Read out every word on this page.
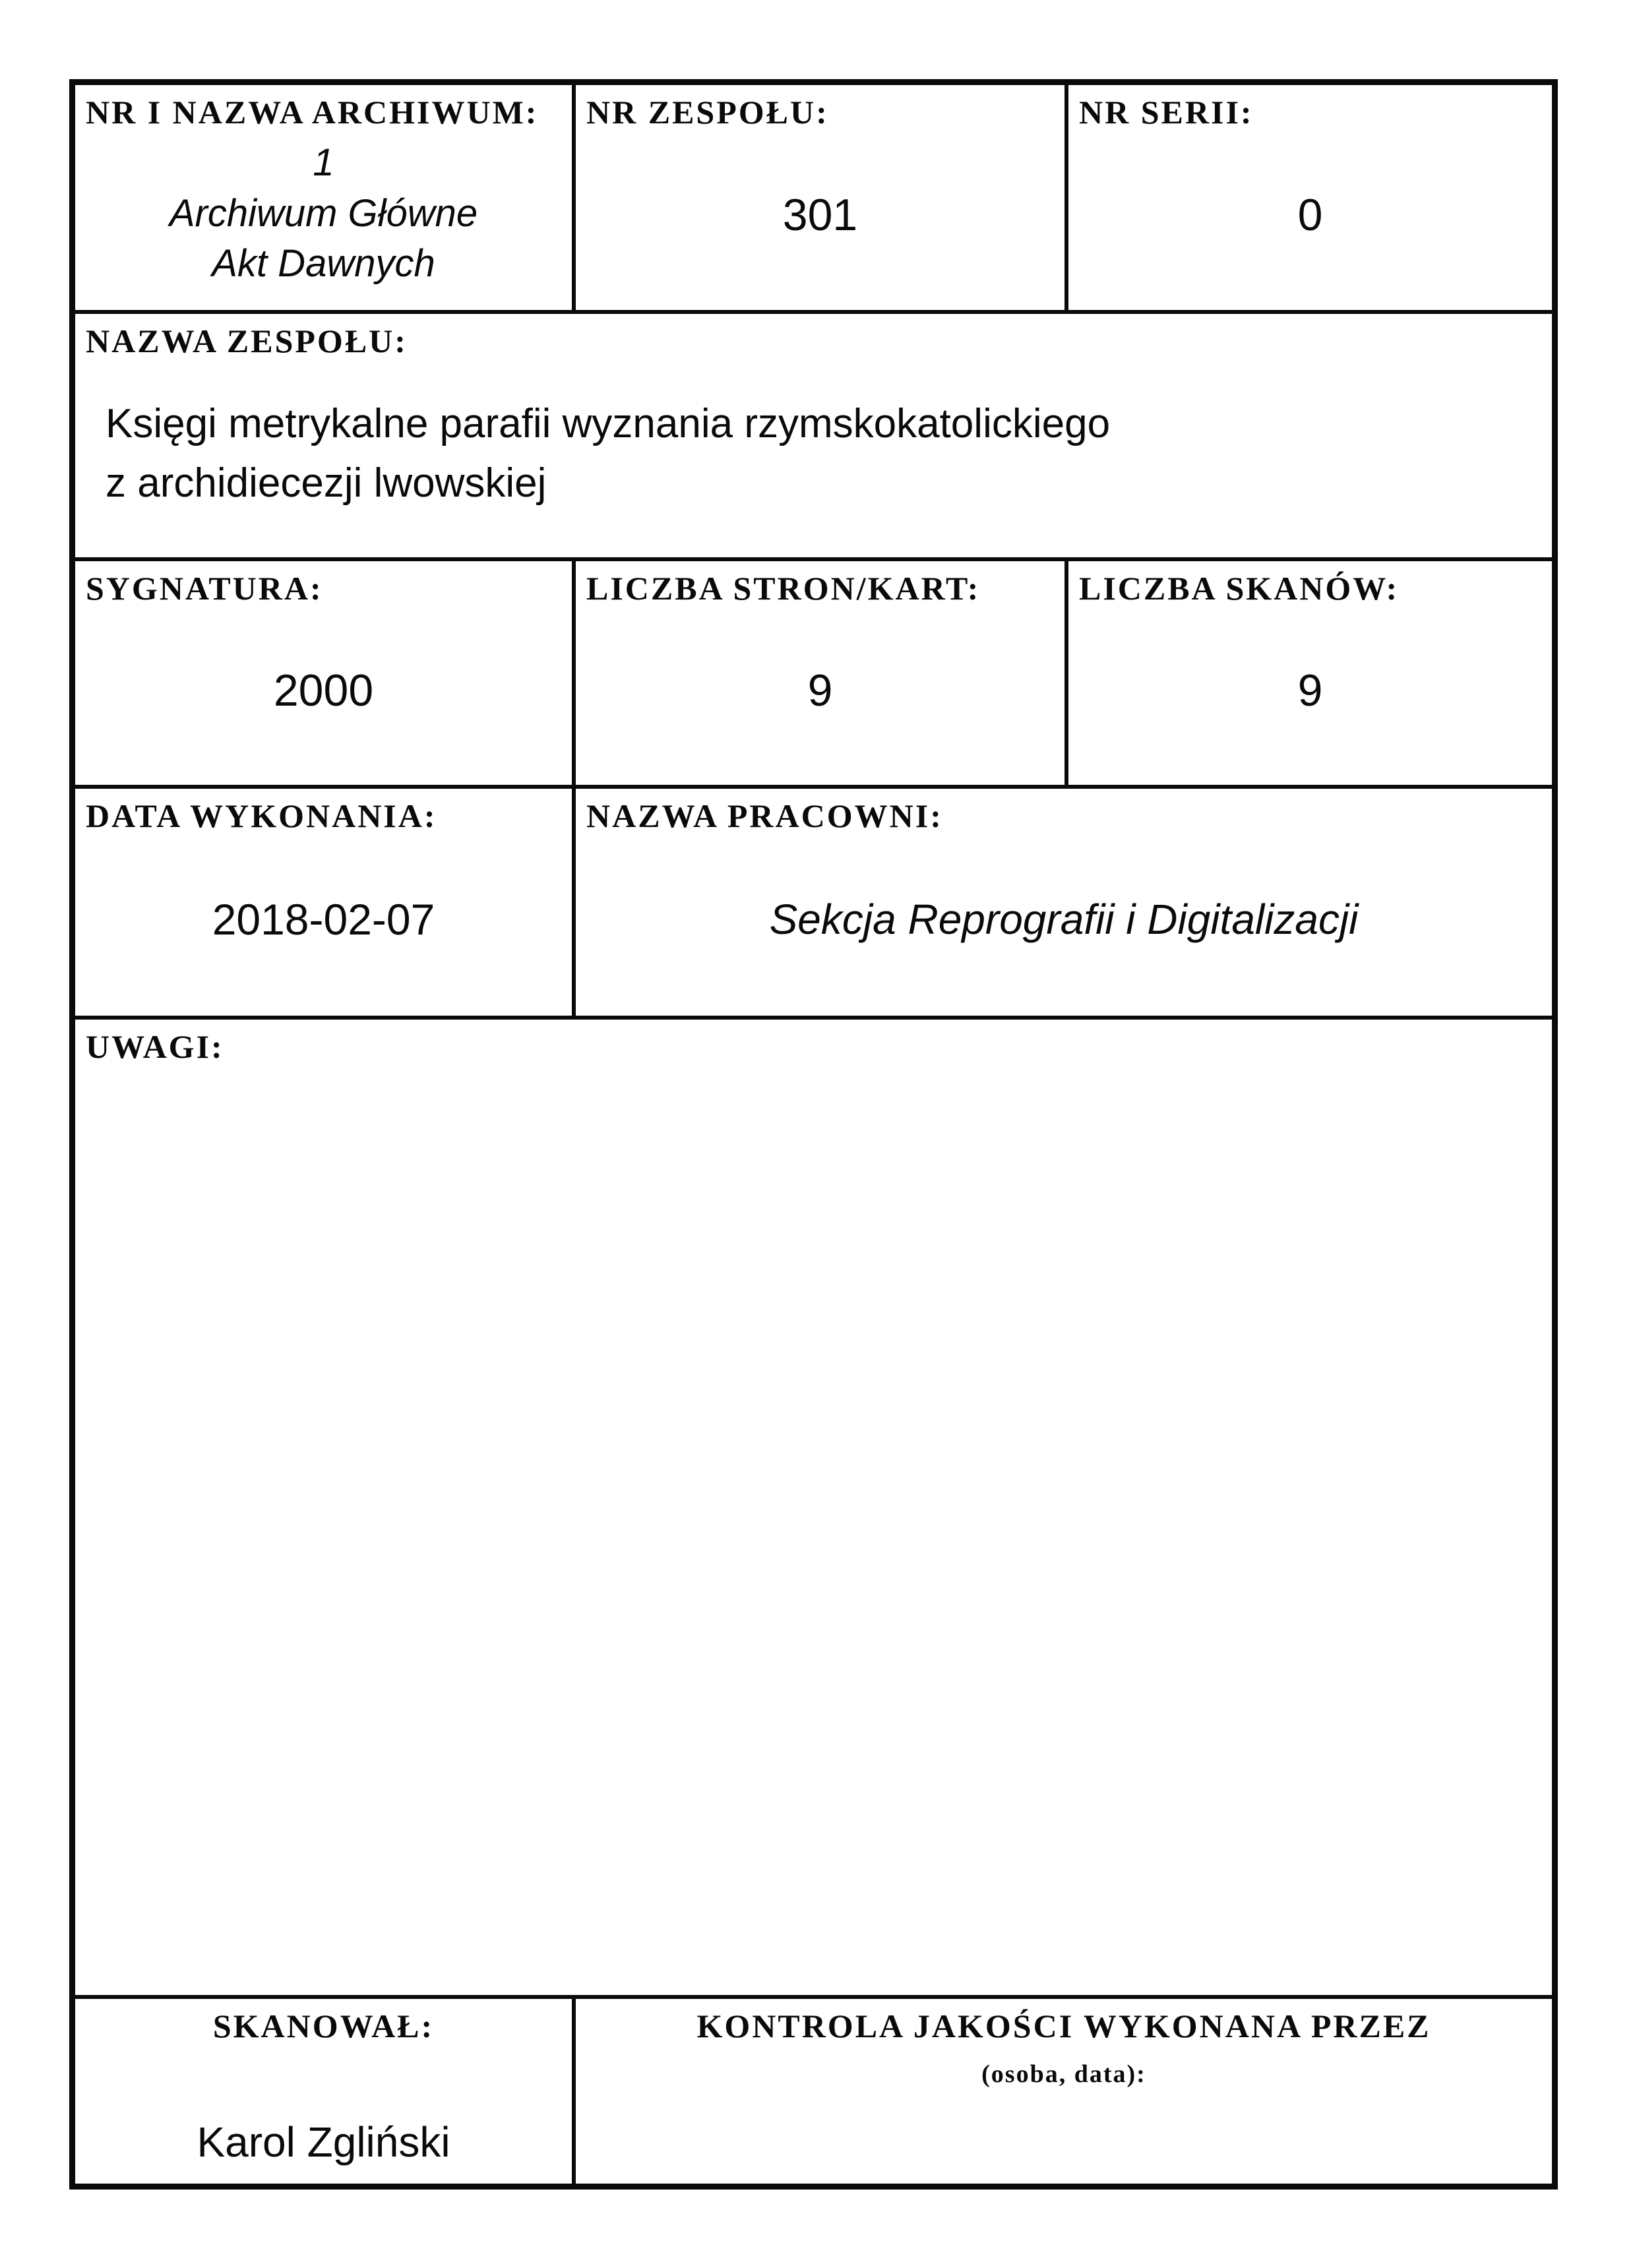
NR I NAZWA ARCHIWUM:
1
Archiwum Główne
Akt Dawnych
NR ZESPOŁU:
301
NR SERII:
0
NAZWA ZESPOŁU:
Księgi metrykalne parafii wyznania rzymskokatolickiego
z archidiecezji lwowskiej
SYGNATURA:
2000
LICZBA STRON/KART:
9
LICZBA SKANÓW:
9
DATA WYKONANIA:
2018-02-07
NAZWA PRACOWNI:
Sekcja Reprografii i Digitalizacji
UWAGI:
SKANOWAŁ:
Karol Zgliński
KONTROLA JAKOŚCI WYKONANA PRZEZ
(osoba, data):
